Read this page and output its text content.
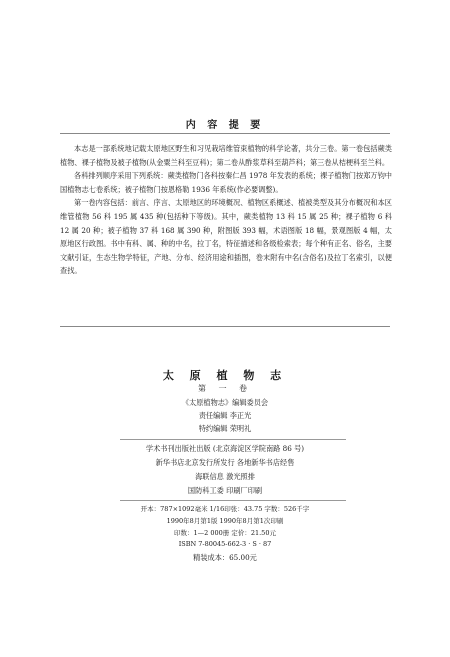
内 容 提 要

本志是一部系统地记载太原地区野生和习见栽培维管束植物的科学论著，共分三卷。第一卷包括蕨类植物、裸子植物及被子植物(从金粟兰科至豆科)；第二卷从酢浆草科至葫芦科；第三卷从桔梗科至兰科。

各科排列顺序采用下列系统：蕨类植物门各科按秦仁昌 1978 年发表的系统；裸子植物门按郑万钧中国植物志七卷系统；被子植物门按恩格勒 1936 年系统(作必要调整)。

第一卷内容包括：前言、序言、太原地区的环境概况、植物区系概述、植被类型及其分布概况和本区维管植物 56 科 195 属 435 种(包括种下等级)。其中，蕨类植物 13 科 15 属 25 种；裸子植物 6 科 12 属 20 种；被子植物 37 科 168 属 390 种，附图版 393 幅，术语图版 18 幅，景观图版 4 幅，太原地区行政图。书中有科、属、种的中名，拉丁名，特征描述和各级检索表；每个种有正名、俗名，主要文献引证，生态生物学特征，产地、分布、经济用途和插图，卷末附有中名(含俗名)及拉丁名索引，以便查找。

太 原 植 物 志
第 一 卷
《太原植物志》编辑委员会
责任编辑 李正光
特约编辑 荣明礼
学术书刊出版社出版 (北京海淀区学院南路 86 号)
新华书店北京发行所发行 各地新华书店经售
海联信息 激光照排
国防科工委 印刷厂印刷
开本：787×1092毫米 1/16印张：43.75 字数：526千字
1990年8月第1版 1990年8月第1次印刷
印数：1—2 000册 定价：21.50元
ISBN 7-80045-662-3 · S · 87
精装成本：65.00元
